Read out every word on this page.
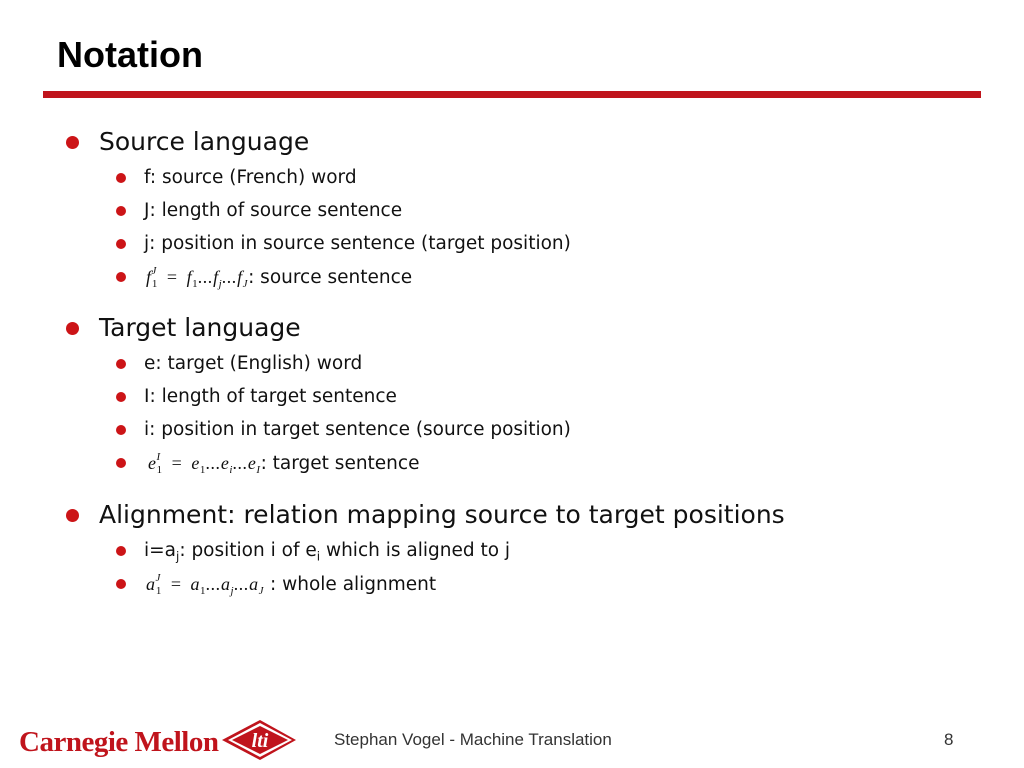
Notation
Source language
f: source (French) word
J: length of source sentence
j: position in source sentence (target position)
$f^J_1 = f_1...f_j...f_J$: source sentence
Target language
e: target (English) word
I: length of target sentence
i: position in target sentence (source position)
$e^I_1 = e_1...e_i...e_I$: target sentence
Alignment: relation mapping source to target positions
$i=a_j$: position i of $e_i$ which is aligned to j
$a^J_1 = a_1...a_j...a_J$ : whole alignment
Carnegie Mellon lti	Stephan Vogel - Machine Translation	8
